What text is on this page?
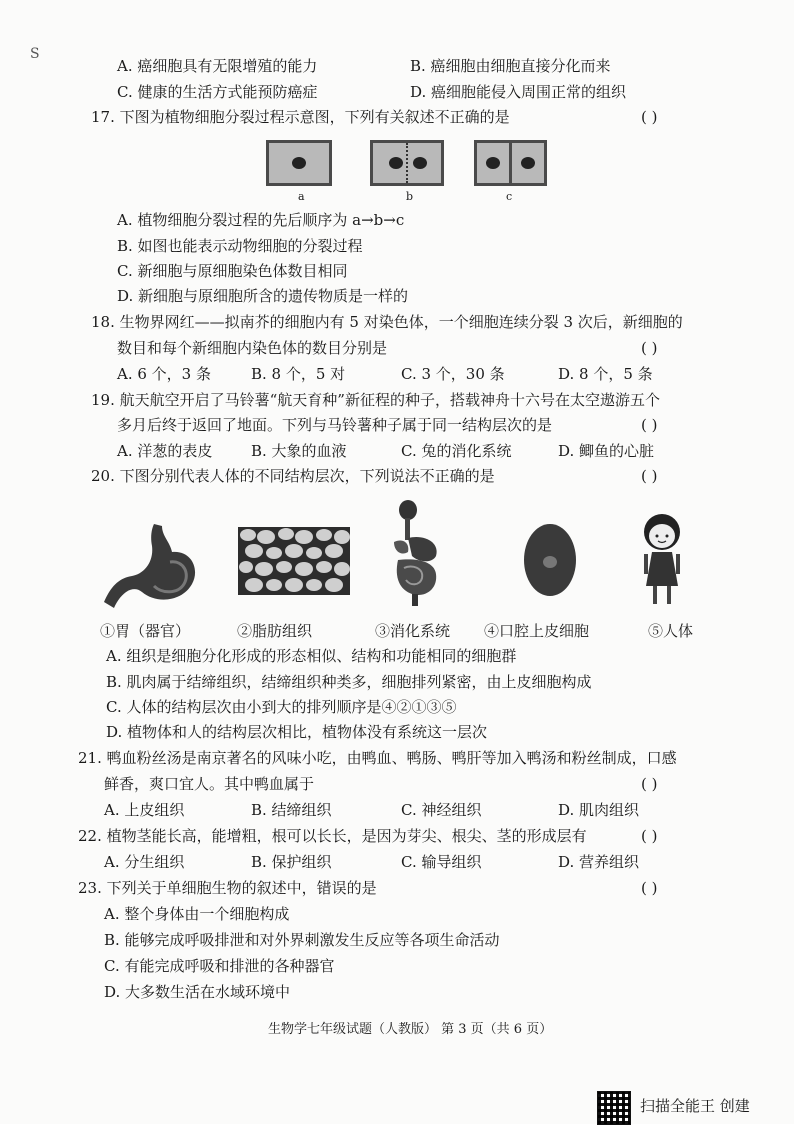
S
A. 癌细胞具有无限增殖的能力	B. 癌细胞由细胞直接分化而来
C. 健康的生活方式能预防癌症	D. 癌细胞能侵入周围正常的组织
17. 下图为植物细胞分裂过程示意图，下列有关叙述不正确的是	( )
a	b	c
A. 植物细胞分裂过程的先后顺序为 a→b→c
B. 如图也能表示动物细胞的分裂过程
C. 新细胞与原细胞染色体数目相同
D. 新细胞与原细胞所含的遗传物质是一样的
18. 生物界网红——拟南芥的细胞内有 5 对染色体，一个细胞连续分裂 3 次后，新细胞的
数目和每个新细胞内染色体的数目分别是	( )
A. 6 个，3 条	B. 8 个，5 对	C. 3 个，30 条	D. 8 个，5 条
19. 航天航空开启了马铃薯“航天育种”新征程的种子，搭载神舟十六号在太空遨游五个
多月后终于返回了地面。下列与马铃薯种子属于同一结构层次的是	( )
A. 洋葱的表皮	B. 大象的血液	C. 兔的消化系统	D. 鲫鱼的心脏
20. 下图分别代表人体的不同结构层次，下列说法不正确的是	( )
①胃（器官）	②脂肪组织	③消化系统 ④口腔上皮细胞	⑤人体
A. 组织是细胞分化形成的形态相似、结构和功能相同的细胞群
B. 肌肉属于结缔组织，结缔组织种类多，细胞排列紧密，由上皮细胞构成
C. 人体的结构层次由小到大的排列顺序是④②①③⑤
D. 植物体和人的结构层次相比，植物体没有系统这一层次
21. 鸭血粉丝汤是南京著名的风味小吃，由鸭血、鸭肠、鸭肝等加入鸭汤和粉丝制成，口感
鲜香，爽口宜人。其中鸭血属于	( )
A. 上皮组织	B. 结缔组织	C. 神经组织	D. 肌肉组织
22. 植物茎能长高，能增粗，根可以长长，是因为芽尖、根尖、茎的形成层有	( )
A. 分生组织	B. 保护组织	C. 输导组织	D. 营养组织
23. 下列关于单细胞生物的叙述中，错误的是	( )
A. 整个身体由一个细胞构成
B. 能够完成呼吸排泄和对外界刺激发生反应等各项生命活动
C. 有能完成呼吸和排泄的各种器官
D. 大多数生活在水域环境中
生物学七年级试题（人教版） 第 3 页（共 6 页）
扫描全能王 创建
